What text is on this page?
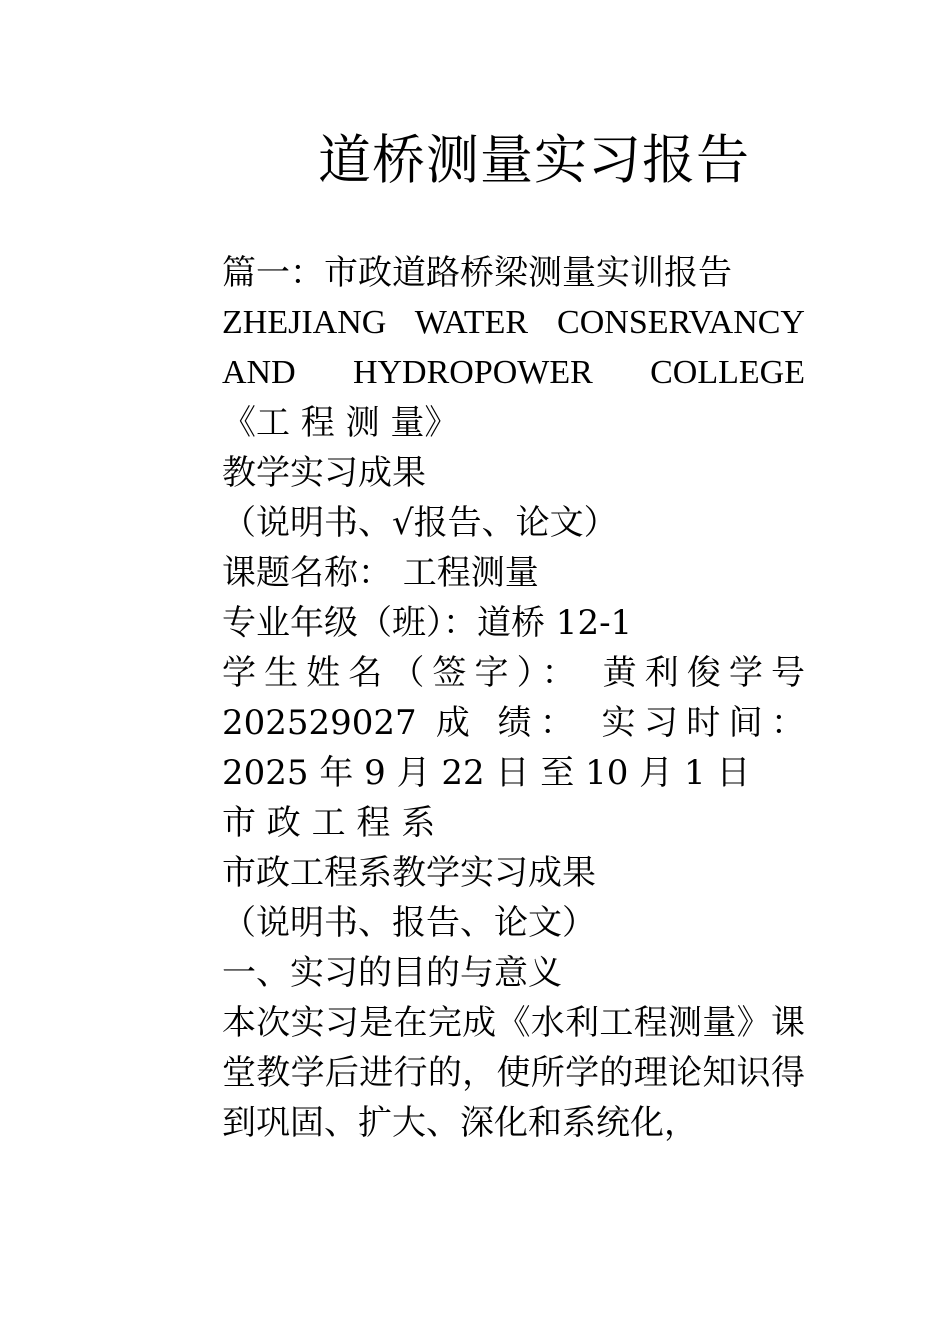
道桥测量实习报告

篇一：市政道路桥梁测量实训报告

ZHEJIANG WATER CONSERVANCY AND HYDROPOWER COLLEGE

《工 程 测 量》

教学实习成果

（说明书、√报告、论文）

课题名称： 工程测量

专业年级（班）：道桥 12-1

学生姓名（签字）： 黄利俊学号 202529027 成 绩： 实习时间：2025 年 9 月 22 日 至 10 月 1 日

市 政 工 程 系

市政工程系教学实习成果

（说明书、报告、论文）

一、实习的目的与意义

本次实习是在完成《水利工程测量》课堂教学后进行的，使所学的理论知识得到巩固、扩大、深化和系统化，
